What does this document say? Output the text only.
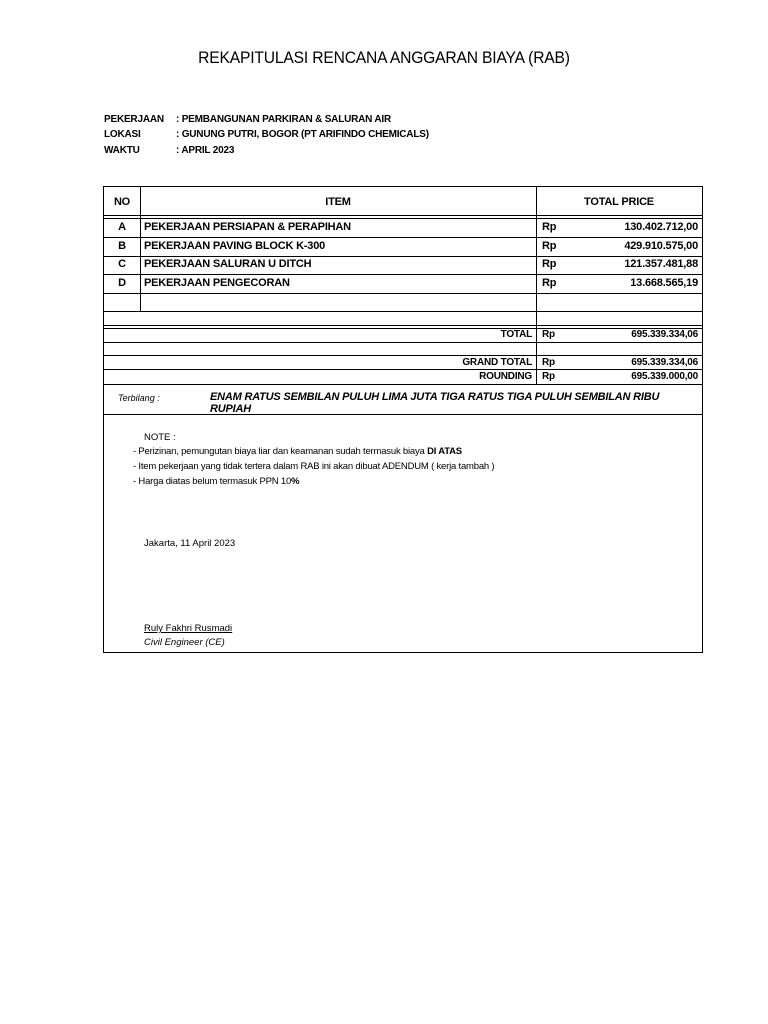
REKAPITULASI RENCANA ANGGARAN BIAYA (RAB)
PEKERJAAN : PEMBANGUNAN PARKIRAN & SALURAN AIR
LOKASI	: GUNUNG PUTRI, BOGOR (PT ARIFINDO CHEMICALS)
WAKTU	: APRIL 2023
NO	ITEM	TOTAL PRICE
A	PEKERJAAN PERSIAPAN & PERAPIHAN	Rp	130.402.712,00
B	PEKERJAAN PAVING BLOCK K-300	Rp	429.910.575,00
C	PEKERJAAN SALURAN U DITCH	Rp	121.357.481,88
D	PEKERJAAN PENGECORAN	Rp	13.668.565,19
TOTAL Rp	695.339.334,06
GRAND TOTAL Rp	695.339.334,06
ROUNDING Rp	695.339.000,00
Terbilang :	ENAM RATUS SEMBILAN PULUH LIMA JUTA TIGA RATUS TIGA PULUH SEMBILAN RIBU RUPIAH
NOTE :
- Perizinan, pemungutan biaya liar dan keamanan sudah termasuk biaya DI ATAS
- Item pekerjaan yang tidak tertera dalam RAB ini akan dibuat ADENDUM ( kerja tambah )
- Harga diatas belum termasuk PPN 10%
Jakarta, 11 April 2023
Ruly Fakhri Rusmadi
Civil Engineer (CE)
